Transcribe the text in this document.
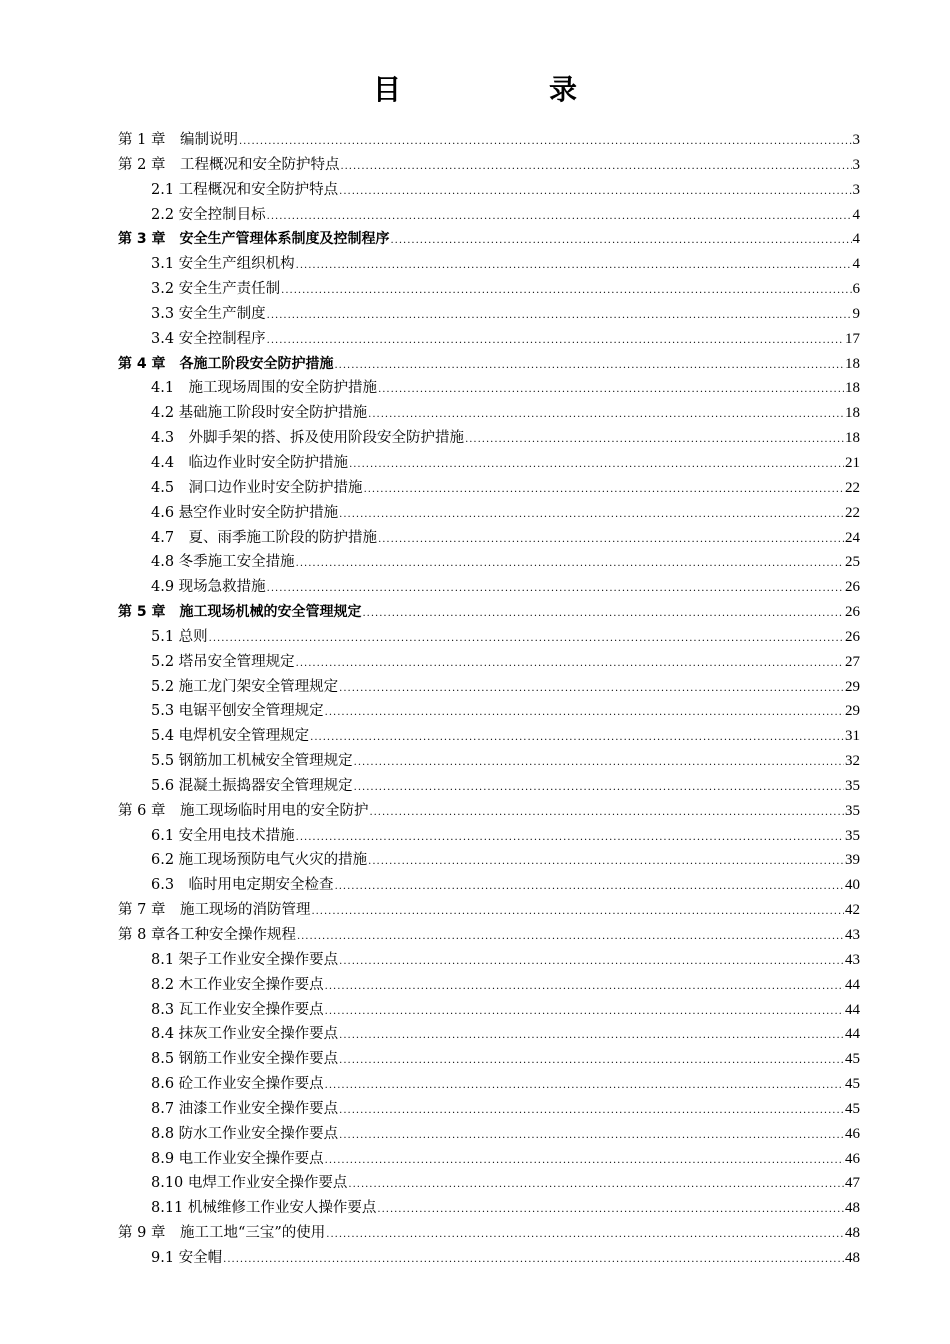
目　录
第 1 章　编制说明 .....	3
第 2 章　工程概况和安全防护特点 .....	3
2.1 工程概况和安全防护特点 .....	3
2.2 安全控制目标 .....	4
第 3 章　安全生产管理体系制度及控制程序 .....	4
3.1 安全生产组织机构 .....	4
3.2 安全生产责任制 .....	6
3.3 安全生产制度 .....	9
3.4 安全控制程序 .....	17
第 4 章　各施工阶段安全防护措施 .....	18
4.1　施工现场周围的安全防护措施 .....	18
4.2 基础施工阶段时安全防护措施 .....	18
4.3　外脚手架的搭、拆及使用阶段安全防护措施 .....	18
4.4　临边作业时安全防护措施 .....	21
4.5　洞口边作业时安全防护措施 .....	22
4.6 悬空作业时安全防护措施 .....	22
4.7　夏、雨季施工阶段的防护措施 .....	24
4.8 冬季施工安全措施 .....	25
4.9 现场急救措施 .....	26
第 5 章　施工现场机械的安全管理规定 .....	26
5.1 总则 .....	26
5.2 塔吊安全管理规定 .....	27
5.2 施工龙门架安全管理规定 .....	29
5.3 电锯平刨安全管理规定 .....	29
5.4 电焊机安全管理规定 .....	31
5.5 钢筋加工机械安全管理规定 .....	32
5.6 混凝土振捣器安全管理规定 .....	35
第 6 章　施工现场临时用电的安全防护 .....	35
6.1 安全用电技术措施 .....	35
6.2 施工现场预防电气火灾的措施 .....	39
6.3　临时用电定期安全检查 .....	40
第 7 章　施工现场的消防管理 .....	42
第 8 章各工种安全操作规程 .....	43
8.1 架子工作业安全操作要点 .....	43
8.2 木工作业安全操作要点 .....	44
8.3 瓦工作业安全操作要点 .....	44
8.4 抹灰工作业安全操作要点 .....	44
8.5 钢筋工作业安全操作要点 .....	45
8.6 砼工作业安全操作要点 .....	45
8.7 油漆工作业安全操作要点 .....	45
8.8 防水工作业安全操作要点 .....	46
8.9 电工作业安全操作要点 .....	46
8.10 电焊工作业安全操作要点 .....	47
8.11 机械维修工作业安人操作要点 .....	48
第 9 章　施工工地“三宝”的使用 .....	48
9.1 安全帽 .....	48
